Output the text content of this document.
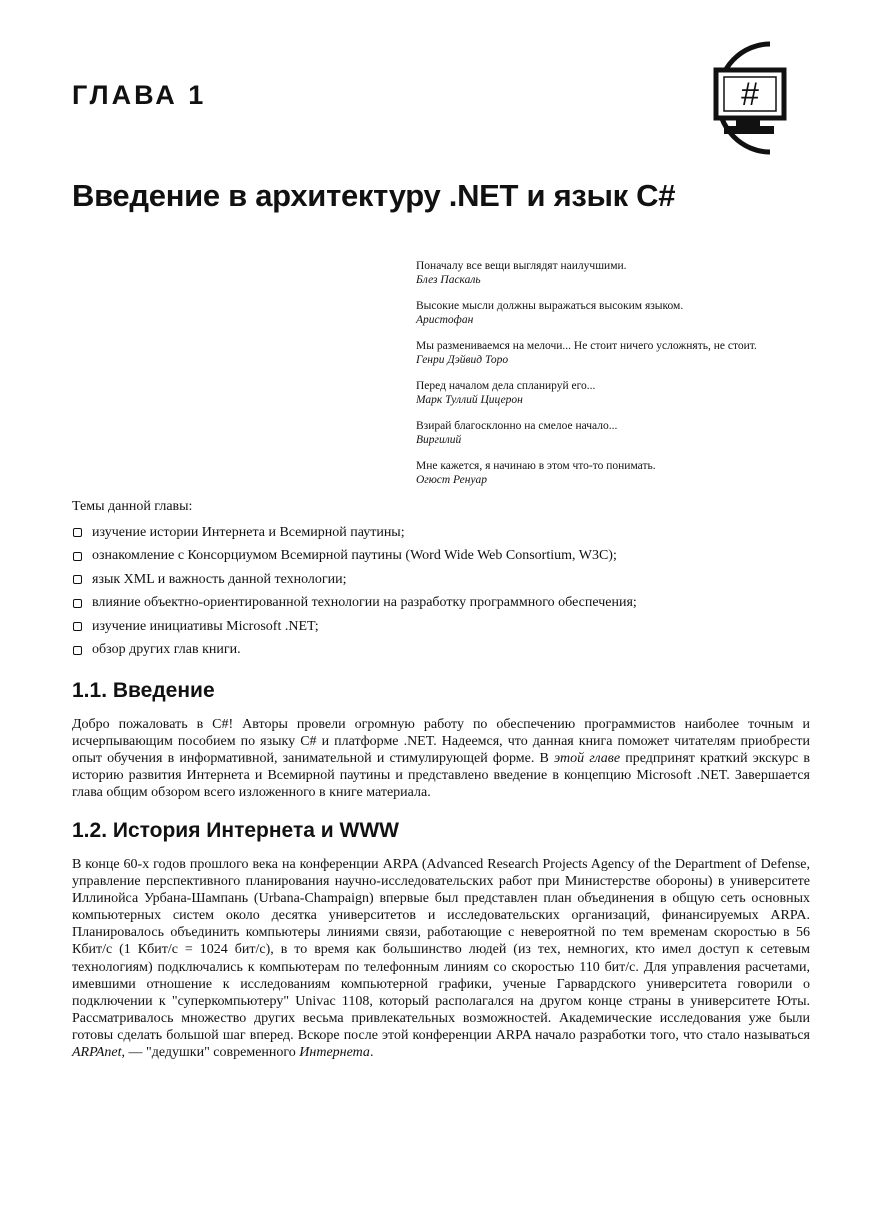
ГЛАВА 1	#
Введение в архитектуру .NET и язык C#
Поначалу все вещи выглядят наилучшими.
Блез Паскаль
Высокие мысли должны выражаться высоким языком.
Аристофан
Мы размениваемся на мелочи... Не стоит ничего усложнять, не стоит.
Генри Дэйвид Торо
Перед началом дела спланируй его...
Марк Туллий Цицерон
Взирай благосклонно на смелое начало...
Виргилий
Мне кажется, я начинаю в этом что-то понимать.
Огюст Ренуар
Темы данной главы:
изучение истории Интернета и Всемирной паутины;
ознакомление с Консорциумом Всемирной паутины (Word Wide Web Consortium, W3C);
язык XML и важность данной технологии;
влияние объектно-ориентированной технологии на разработку программного обеспечения;
изучение инициативы Microsoft .NET;
обзор других глав книги.
1.1. Введение

Добро пожаловать в C#! Авторы провели огромную работу по обеспечению программистов наиболее точным и исчерпывающим пособием по языку C# и платформе .NET. Надеемся, что данная книга поможет читателям приобрести опыт обучения в информативной, занимательной и стимулирующей форме. В этой главе предпринят краткий экскурс в историю развития Интернета и Всемирной паутины и представлено введение в концепцию Microsoft .NET. Завершается глава общим обзором всего изложенного в книге материала.

1.2. История Интернета и WWW

В конце 60-х годов прошлого века на конференции ARPA (Advanced Research Projects Agency of the Department of Defense, управление перспективного планирования научно-исследовательских работ при Министерстве обороны) в университете Иллинойса Урбана-Шампань (Urbana-Champaign) впервые был представлен план объединения в общую сеть основных компьютерных систем около десятка университетов и исследовательских организаций, финансируемых ARPA. Планировалось объединить компьютеры линиями связи, работающие с невероятной по тем временам скоростью в 56 Кбит/с (1 Кбит/с = 1024 бит/с), в то время как большинство людей (из тех, немногих, кто имел доступ к сетевым технологиям) подключались к компьютерам по телефонным линиям со скоростью 110 бит/с. Для управления расчетами, имевшими отношение к исследованиям компьютерной графики, ученые Гарвардского университета говорили о подключении к "суперкомпьютеру" Univac 1108, который располагался на другом конце страны в университете Юты. Рассматривалось множество других весьма привлекательных возможностей. Академические исследования уже были готовы сделать большой шаг вперед. Вскоре после этой конференции ARPA начало разработки того, что стало называться ARPAnet, — "дедушки" современного Интернета.
